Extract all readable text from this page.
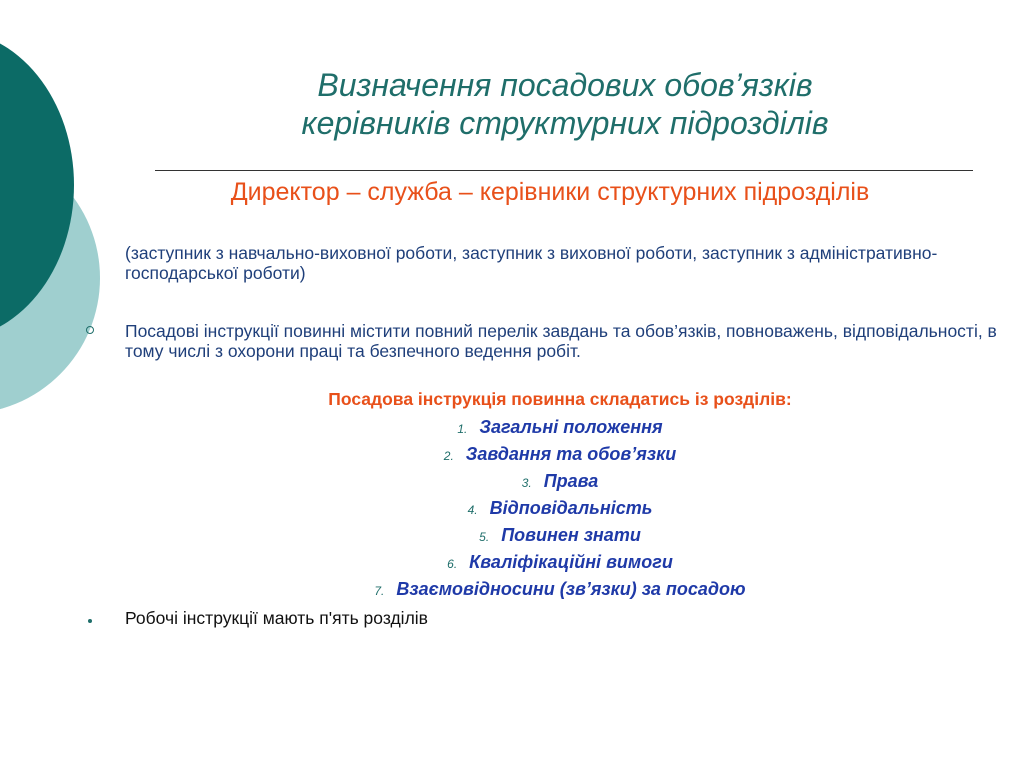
Визначення посадових обов’язків
керівників структурних підрозділів
Директор – служба – керівники структурних підрозділів
(заступник з навчально-виховної роботи, заступник з виховної роботи, заступник з адміністративно-господарської роботи)
Посадові інструкції повинні містити повний перелік завдань та обов’язків, повноважень, відповідальності, в тому числі з охорони праці та безпечного ведення робіт.
Посадова інструкція повинна складатись із розділів:
1. Загальні положення
2. Завдання та обов’язки
3. Права
4. Відповідальність
5. Повинен знати
6. Кваліфікаційні вимоги
7. Взаємовідносини (зв’язки) за посадою
Робочі інструкції мають п'ять розділів
